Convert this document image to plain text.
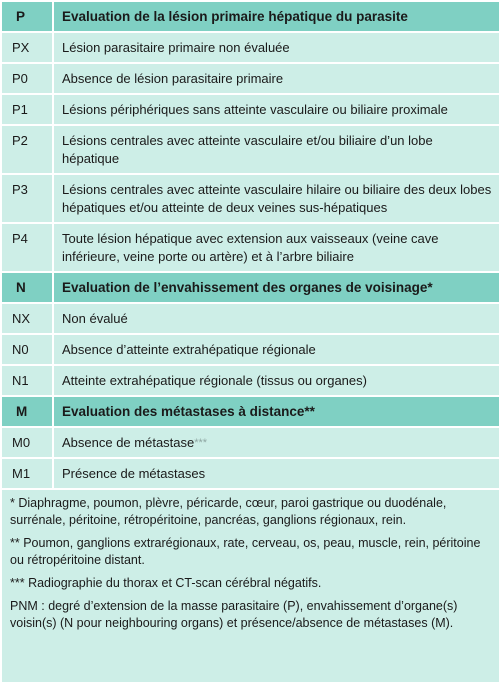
P	Evaluation de la lésion primaire hépatique du parasite
PX	Lésion parasitaire primaire non évaluée
P0	Absence de lésion parasitaire primaire
P1	Lésions périphériques sans atteinte vasculaire ou biliaire proximale
P2	Lésions centrales avec atteinte vasculaire et/ou biliaire d’un lobe hépatique
P3	Lésions centrales avec atteinte vasculaire hilaire ou biliaire des deux lobes hépatiques et/ou atteinte de deux veines sus-hépatiques
P4	Toute lésion hépatique avec extension aux vaisseaux (veine cave inférieure, veine porte ou artère) et à l’arbre biliaire
N	Evaluation de l’envahissement des organes de voisinage*
NX	Non évalué
N0	Absence d’atteinte extrahépatique régionale
N1	Atteinte extrahépatique régionale (tissus ou organes)
M	Evaluation des métastases à distance**
M0	Absence de métastase***
M1	Présence de métastases

* Diaphragme, poumon, plèvre, péricarde, cœur, paroi gastrique ou duodénale, surrénale, péritoine, rétropéritoine, pancréas, ganglions régionaux, rein.

** Poumon, ganglions extrarégionaux, rate, cerveau, os, peau, muscle, rein, péritoine ou rétropéritoine distant.

*** Radiographie du thorax et CT-scan cérébral négatifs.

PNM : degré d’extension de la masse parasitaire (P), envahissement d’organe(s) voisin(s) (N pour neighbouring organs) et présence/absence de métastases (M).
